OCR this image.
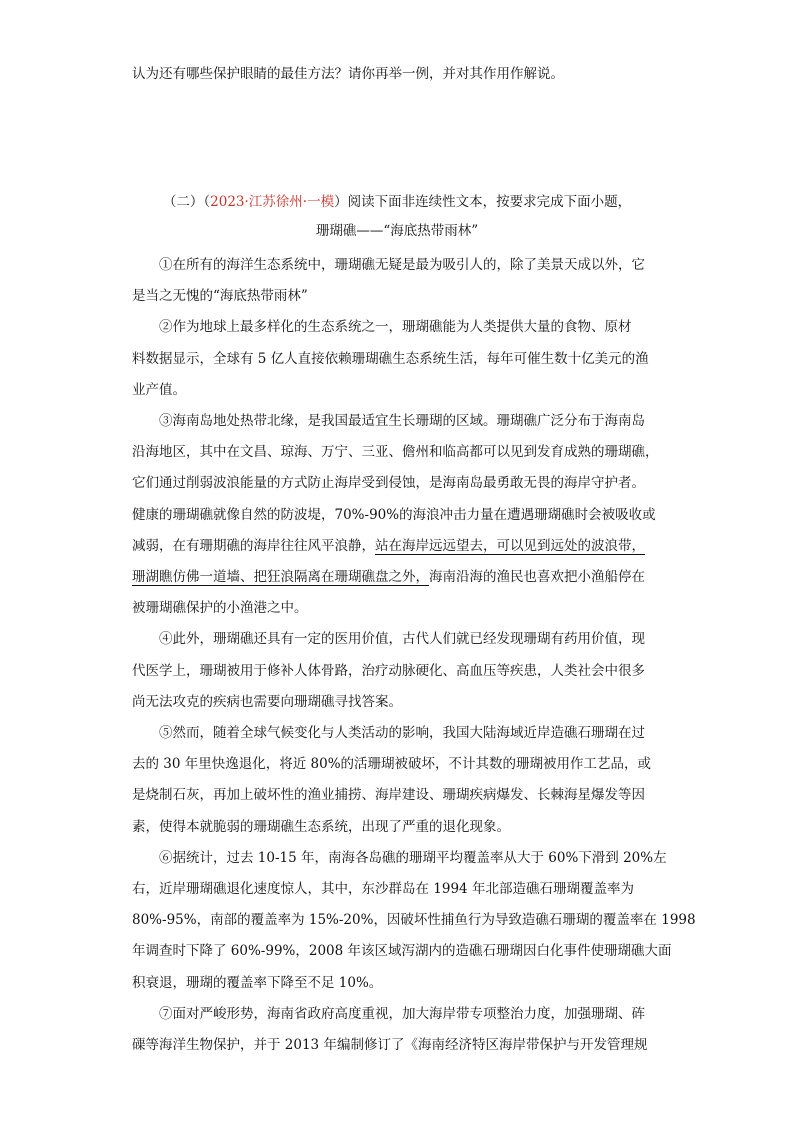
认为还有哪些保护眼睛的最佳方法？请你再举一例，并对其作用作解说。
（二）（2023·江苏徐州·一模）阅读下面非连续性文本，按要求完成下面小题，
珊瑚礁——“海底热带雨林”
①在所有的海洋生态系统中，珊瑚礁无疑是最为吸引人的，除了美景天成以外，它
是当之无愧的“海底热带雨林”
②作为地球上最多样化的生态系统之一，珊瑚礁能为人类提供大量的食物、原材
料数据显示，全球有 5 亿人直接依赖珊瑚礁生态系统生活，每年可催生数十亿美元的渔
业产值。
③海南岛地处热带北缘，是我国最适宜生长珊瑚的区域。珊瑚礁广泛分布于海南岛
沿海地区，其中在文昌、琼海、万宁、三亚、儋州和临高都可以见到发育成熟的珊瑚礁，
它们通过削弱波浪能量的方式防止海岸受到侵蚀，是海南岛最勇敢无畏的海岸守护者。
健康的珊瑚礁就像自然的防波堤，70%-90%的海浪冲击力量在遭遇珊瑚礁时会被吸收或
减弱，在有珊期礁的海岸往往风平浪静，站在海岸远远望去，可以见到远处的波浪带，
珊湖瞧仿佛一道墙、把狂浪隔离在珊瑚礁盘之外，海南沿海的渔民也喜欢把小渔船停在
被珊瑚礁保护的小渔港之中。
④此外，珊瑚礁还具有一定的医用价值，古代人们就已经发现珊瑚有药用价值，现
代医学上，珊瑚被用于修补人体骨路，治疗动脉硬化、高血压等疾患，人类社会中很多
尚无法攻克的疾病也需要向珊瑚礁寻找答案。
⑤然而，随着全球气候变化与人类活动的影响，我国大陆海域近岸造礁石珊瑚在过
去的 30 年里快逸退化，将近 80%的活珊瑚被破坏，不计其数的珊瑚被用作工艺品，或
是烧制石灰，再加上破坏性的渔业捕捞、海岸建设、珊瑚疾病爆发、长棘海星爆发等因
素，使得本就脆弱的珊瑚礁生态系统，出现了严重的退化现象。
⑥据统计，过去 10-15 年，南海各岛礁的珊瑚平均覆盖率从大于 60%下滑到 20%左
右，近岸珊瑚礁退化速度惊人，其中，东沙群岛在 1994 年北部造礁石珊瑚覆盖率为
80%-95%，南部的覆盖率为 15%-20%，因破坏性捕鱼行为导致造礁石珊瑚的覆盖率在 1998
年调查时下降了 60%-99%，2008 年该区域泻湖内的造礁石珊瑚因白化事件使珊瑚礁大面
积衰退，珊瑚的覆盖率下降至不足 10%。
⑦面对严峻形势，海南省政府高度重视，加大海岸带专项整治力度，加强珊瑚、砗
磲等海洋生物保护，并于 2013 年编制修订了《海南经济特区海岸带保护与开发管理规
